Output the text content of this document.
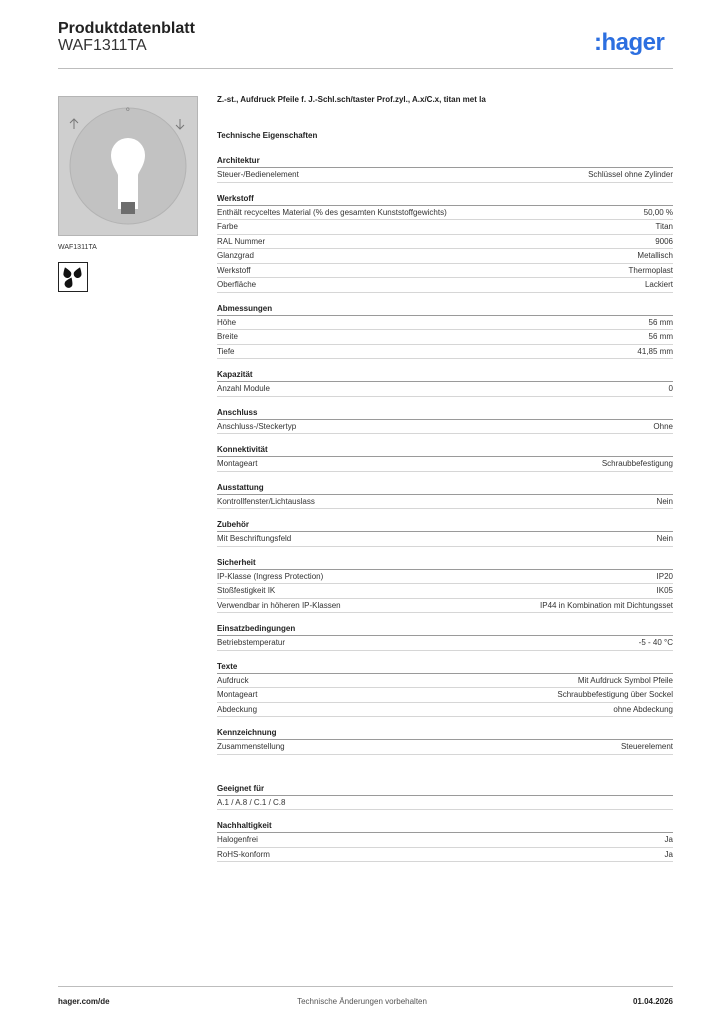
Produktdatenblatt
WAF1311TA	:hager
o
WAF1311TA
Z.-st., Aufdruck Pfeile f. J.-Schl.sch/taster Prof.zyl., A.x/C.x, titan met la
Technische Eigenschaften
Architektur
Steuer-/Bedienelement	Schlüssel ohne Zylinder
Werkstoff
Enthält recyceltes Material (% des gesamten Kunststoffgewichts)	50,00 %
Farbe	Titan
RAL Nummer	9006
Glanzgrad	Metallisch
Werkstoff	Thermoplast
Oberfläche	Lackiert
Abmessungen
Höhe	56 mm
Breite	56 mm
Tiefe	41,85 mm
Kapazität
Anzahl Module	0
Anschluss
Anschluss-/Steckertyp	Ohne
Konnektivität
Montageart	Schraubbefestigung
Ausstattung
Kontrollfenster/Lichtauslass	Nein
Zubehör
Mit Beschriftungsfeld	Nein
Sicherheit
IP-Klasse (Ingress Protection)	IP20
Stoßfestigkeit IK	IK05
Verwendbar in höheren IP-Klassen	IP44 in Kombination mit Dichtungsset
Einsatzbedingungen
Betriebstemperatur	-5 - 40 °C
Texte
Aufdruck	Mit Aufdruck Symbol Pfeile
Montageart	Schraubbefestigung über Sockel
Abdeckung	ohne Abdeckung
Kennzeichnung
Zusammenstellung	Steuerelement
Geeignet für
A.1 / A.8 / C.1 / C.8
Nachhaltigkeit
Halogenfrei	Ja
RoHS-konform	Ja
hager.com/de	Technische Änderungen vorbehalten	01.04.2026
